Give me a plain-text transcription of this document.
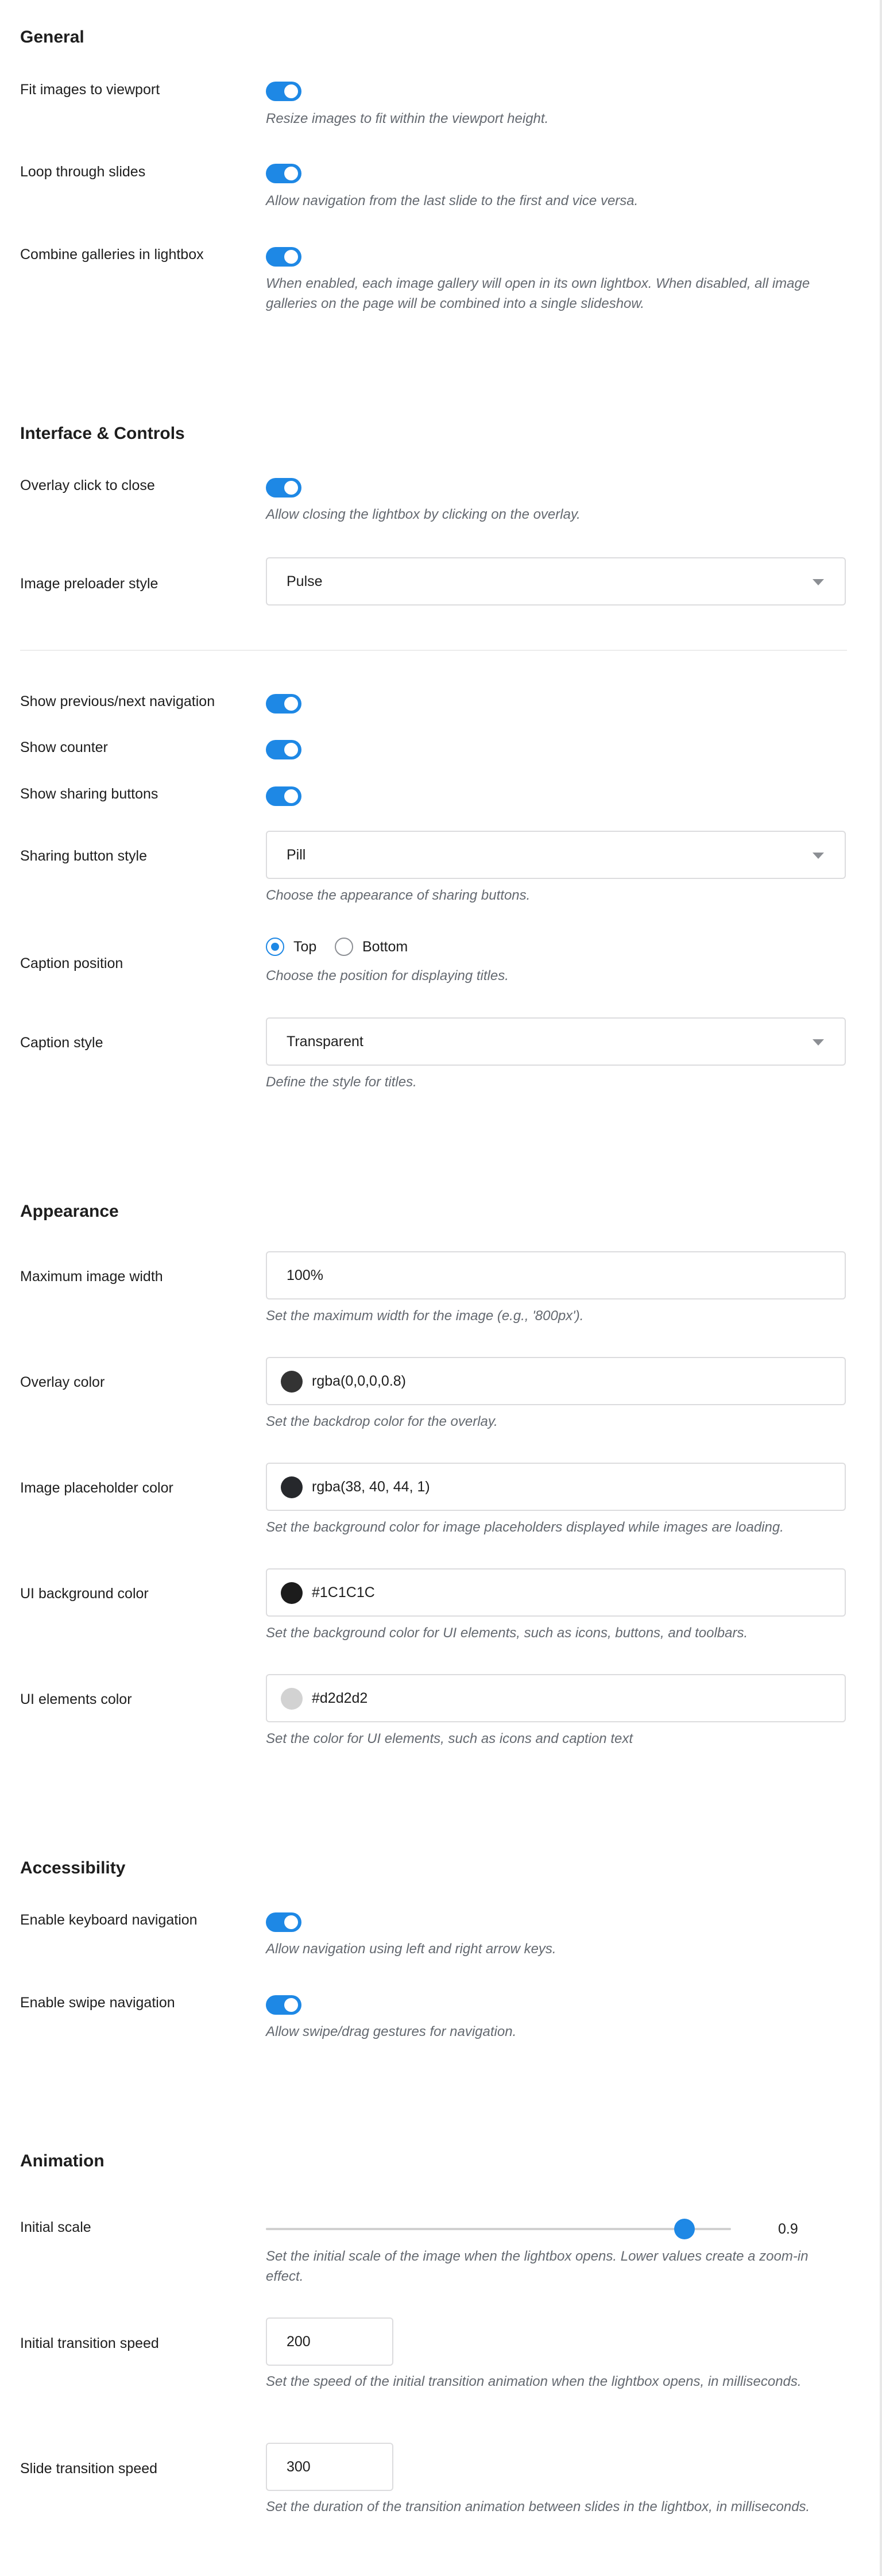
General
Fit images to viewport
Resize images to fit within the viewport height.
Loop through slides
Allow navigation from the last slide to the first and vice versa.
Combine galleries in lightbox
When enabled, each image gallery will open in its own lightbox. When disabled, all image galleries on the page will be combined into a single slideshow.
Interface & Controls
Overlay click to close
Allow closing the lightbox by clicking on the overlay.
Image preloader style	Pulse
Show previous/next navigation
Show counter
Show sharing buttons
Sharing button style	Pill
Choose the appearance of sharing buttons.
Caption position
Top	Bottom
Choose the position for displaying titles.
Caption style	Transparent
Define the style for titles.
Appearance
Maximum image width	100%
Set the maximum width for the image (e.g., '800px').
Overlay color	rgba(0,0,0,0.8)
Set the backdrop color for the overlay.
Image placeholder color	rgba(38, 40, 44, 1)
Set the background color for image placeholders displayed while images are loading.
UI background color	#1C1C1C
Set the background color for UI elements, such as icons, buttons, and toolbars.
UI elements color	#d2d2d2
Set the color for UI elements, such as icons and caption text
Accessibility
Enable keyboard navigation
Allow navigation using left and right arrow keys.
Enable swipe navigation
Allow swipe/drag gestures for navigation.
Animation
Initial scale	0.9
Set the initial scale of the image when the lightbox opens. Lower values create a zoom-in effect.
Initial transition speed	200
Set the speed of the initial transition animation when the lightbox opens, in milliseconds.
Slide transition speed	300
Set the duration of the transition animation between slides in the lightbox, in milliseconds.
